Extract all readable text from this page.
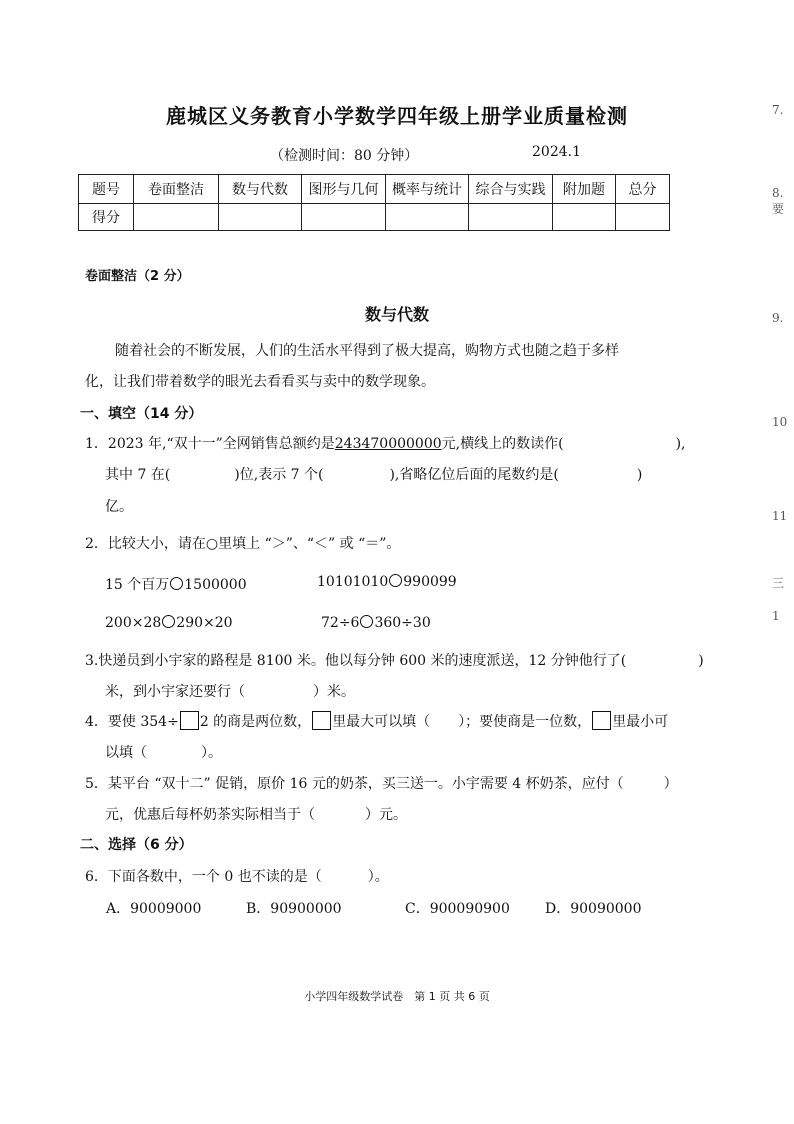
鹿城区义务教育小学数学四年级上册学业质量检测
（检测时间：80 分钟）	2024.1
题号	卷面整洁	数与代数	图形与几何	概率与统计	综合与实践	附加题	总分
得分							
卷面整洁（2 分）
数与代数
随着社会的不断发展，人们的生活水平得到了极大提高，购物方式也随之趋于多样
化，让我们带着数学的眼光去看看买与卖中的数学现象。
一、填空（14 分）
1．2023 年,“双十一”全网销售总额约是243470000000元,横线上的数读作(	),
其中 7 在(	)位,表示 7 个(	),省略亿位后面的尾数约是(	)
亿。
2．比较大小，请在○里填上 “＞”、“＜” 或 “＝”。
15 个百万 1500000	10101010 990099
200×28 290×20	72÷6 360÷30
3.快递员到小宇家的路程是 8100 米。他以每分钟 600 米的速度派送，12 分钟他行了(	)
米，到小宇家还要行（	）米。
4．要使 354÷ 2 的商是两位数， 里最大可以填（ ）；要使商是一位数， 里最小可
以填（	）。
5．某平台 “双十二” 促销，原价 16 元的奶茶，买三送一。小宇需要 4 杯奶茶，应付（	）
元，优惠后每杯奶茶实际相当于（	）元。
二、选择（6 分）
6．下面各数中，一个 0 也不读的是（	）。
A．90009000	B．90900000	C．900090900	D．90090000
小学四年级数学试卷　第 1 页 共 6 页
7.
8. 要
9.
10
11
三
1
